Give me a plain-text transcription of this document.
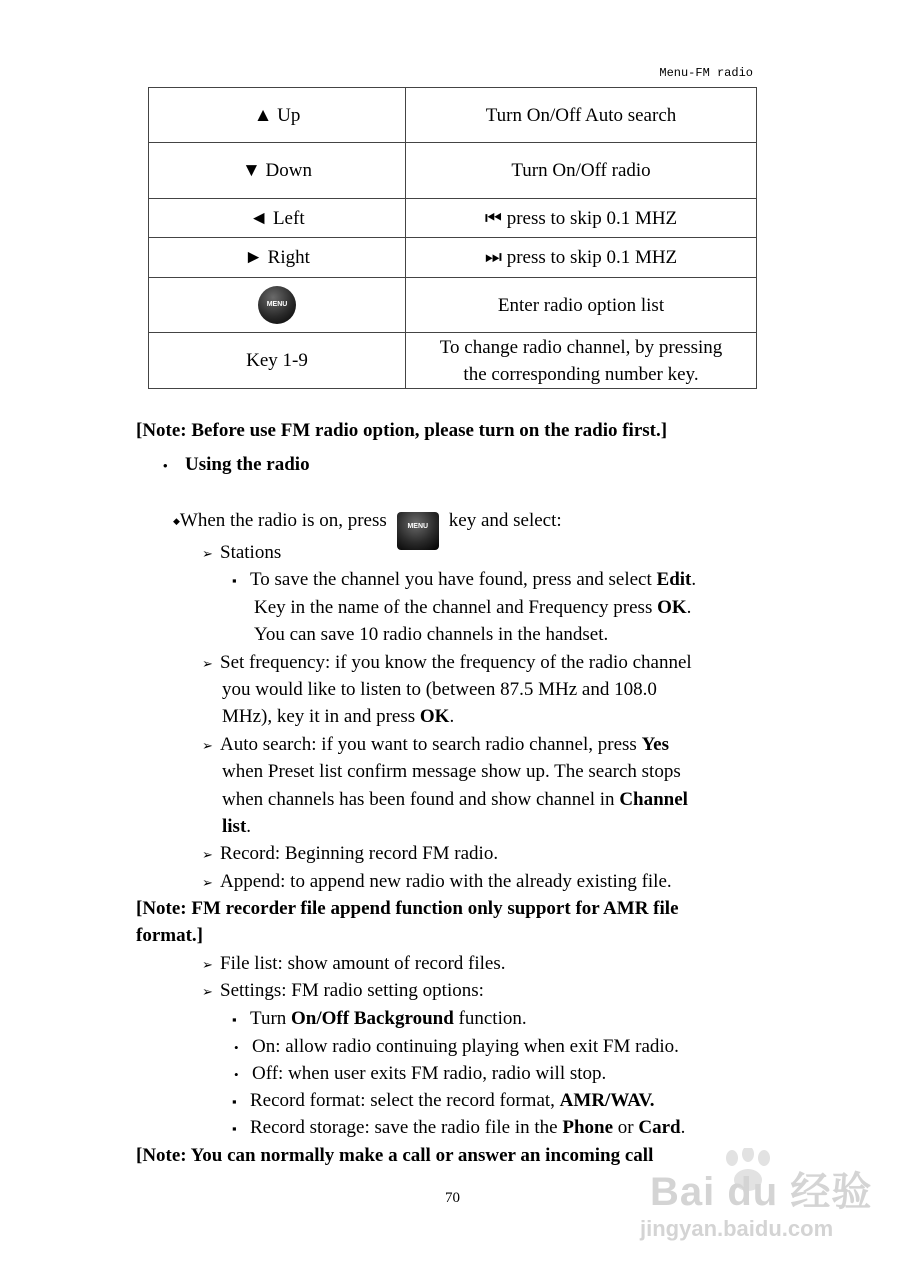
Menu-FM radio
▲ Up	Turn On/Off Auto search
▼ Down	Turn On/Off radio
◄ Left	⏮ press to skip 0.1 MHZ
► Right	⏭ press to skip 0.1 MHZ
MENU	Enter radio option list
Key 1-9	To change radio channel, by pressing
the corresponding number key.
[Note: Before use FM radio option, please turn on the radio first.]
• Using the radio
◆When the radio is on, press	MENU key and select:
➢ Stations
▪ To save the channel you have found, press and select Edit.
Key in the name of the channel and Frequency press OK.
You can save 10 radio channels in the handset.
➢ Set frequency: if you know the frequency of the radio channel
you would like to listen to (between 87.5 MHz and 108.0
MHz), key it in and press OK.
➢ Auto search: if you want to search radio channel, press Yes
when Preset list confirm message show up. The search stops
when channels has been found and show channel in Channel
list.
➢ Record: Beginning record FM radio.
➢ Append: to append new radio with the already existing file.
[Note: FM recorder file append function only support for AMR file
format.]
➢ File list: show amount of record files.
➢ Settings: FM radio setting options:
▪ Turn On/Off Background function.
• On: allow radio continuing playing when exit FM radio.
• Off: when user exits FM radio, radio will stop.
▪ Record format: select the record format, AMR/WAV.
▪ Record storage: save the radio file in the Phone or Card.
[Note: You can normally make a call or answer an incoming call
70	Bai du 经验
jingyan.baidu.com
